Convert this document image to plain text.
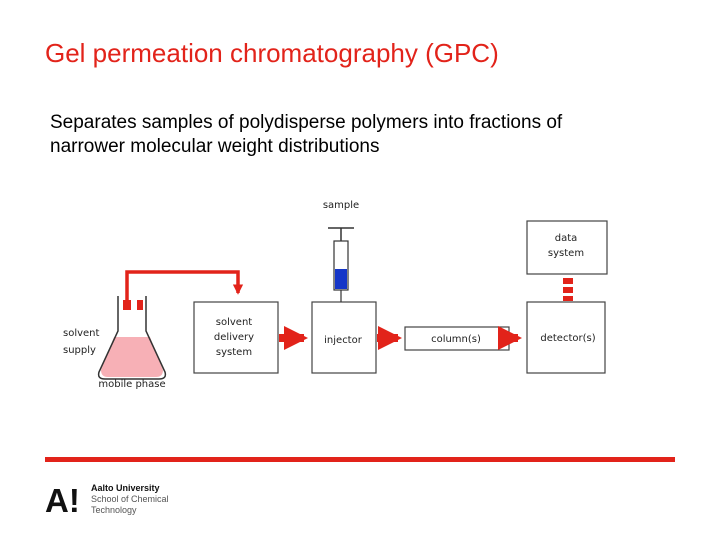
Gel permeation chromatography (GPC)
Separates samples of polydisperse polymers into fractions of narrower molecular weight distributions
sample
solvent
supply
mobile phase
solvent
delivery
system
injector	column(s)	detector(s)
data
system
A! Aalto University
School of Chemical
Technology
